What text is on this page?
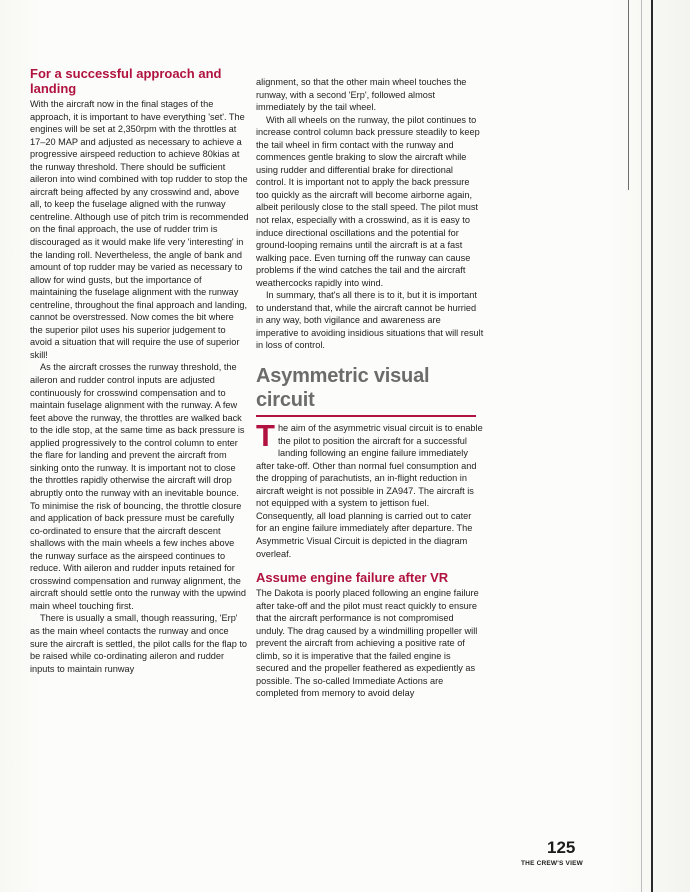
For a successful approach and landing

With the aircraft now in the final stages of the approach, it is important to have everything 'set'. The engines will be set at 2,350rpm with the throttles at 17–20 MAP and adjusted as necessary to achieve a progressive airspeed reduction to achieve 80kias at the runway threshold. There should be sufficient aileron into wind combined with top rudder to stop the aircraft being affected by any crosswind and, above all, to keep the fuselage aligned with the runway centreline. Although use of pitch trim is recommended on the final approach, the use of rudder trim is discouraged as it would make life very 'interesting' in the landing roll. Nevertheless, the angle of bank and amount of top rudder may be varied as necessary to allow for wind gusts, but the importance of maintaining the fuselage alignment with the runway centreline, throughout the final approach and landing, cannot be overstressed. Now comes the bit where the superior pilot uses his superior judgement to avoid a situation that will require the use of superior skill!

As the aircraft crosses the runway threshold, the aileron and rudder control inputs are adjusted continuously for crosswind compensation and to maintain fuselage alignment with the runway. A few feet above the runway, the throttles are walked back to the idle stop, at the same time as back pressure is applied progressively to the control column to enter the flare for landing and prevent the aircraft from sinking onto the runway. It is important not to close the throttles rapidly otherwise the aircraft will drop abruptly onto the runway with an inevitable bounce. To minimise the risk of bouncing, the throttle closure and application of back pressure must be carefully co-ordinated to ensure that the aircraft descent shallows with the main wheels a few inches above the runway surface as the airspeed continues to reduce. With aileron and rudder inputs retained for crosswind compensation and runway alignment, the aircraft should settle onto the runway with the upwind main wheel touching first.

There is usually a small, though reassuring, 'Erp' as the main wheel contacts the runway and once sure the aircraft is settled, the pilot calls for the flap to be raised while co-ordinating aileron and rudder inputs to maintain runway

alignment, so that the other main wheel touches the runway, with a second 'Erp', followed almost immediately by the tail wheel.

With all wheels on the runway, the pilot continues to increase control column back pressure steadily to keep the tail wheel in firm contact with the runway and commences gentle braking to slow the aircraft while using rudder and differential brake for directional control. It is important not to apply the back pressure too quickly as the aircraft will become airborne again, albeit perilously close to the stall speed. The pilot must not relax, especially with a crosswind, as it is easy to induce directional oscillations and the potential for ground-looping remains until the aircraft is at a fast walking pace. Even turning off the runway can cause problems if the wind catches the tail and the aircraft weathercocks rapidly into wind.

In summary, that's all there is to it, but it is important to understand that, while the aircraft cannot be hurried in any way, both vigilance and awareness are imperative to avoiding insidious situations that will result in loss of control.

Asymmetric visual circuit

T he aim of the asymmetric visual circuit is to enable the pilot to position the aircraft for a successful landing following an engine failure immediately after take-off. Other than normal fuel consumption and the dropping of parachutists, an in-flight reduction in aircraft weight is not possible in ZA947. The aircraft is not equipped with a system to jettison fuel. Consequently, all load planning is carried out to cater for an engine failure immediately after departure. The Asymmetric Visual Circuit is depicted in the diagram overleaf.

Assume engine failure after VR

The Dakota is poorly placed following an engine failure after take-off and the pilot must react quickly to ensure that the aircraft performance is not compromised unduly. The drag caused by a windmilling propeller will prevent the aircraft from achieving a positive rate of climb, so it is imperative that the failed engine is secured and the propeller feathered as expediently as possible. The so-called Immediate Actions are completed from memory to avoid delay

125
THE CREW'S VIEW
